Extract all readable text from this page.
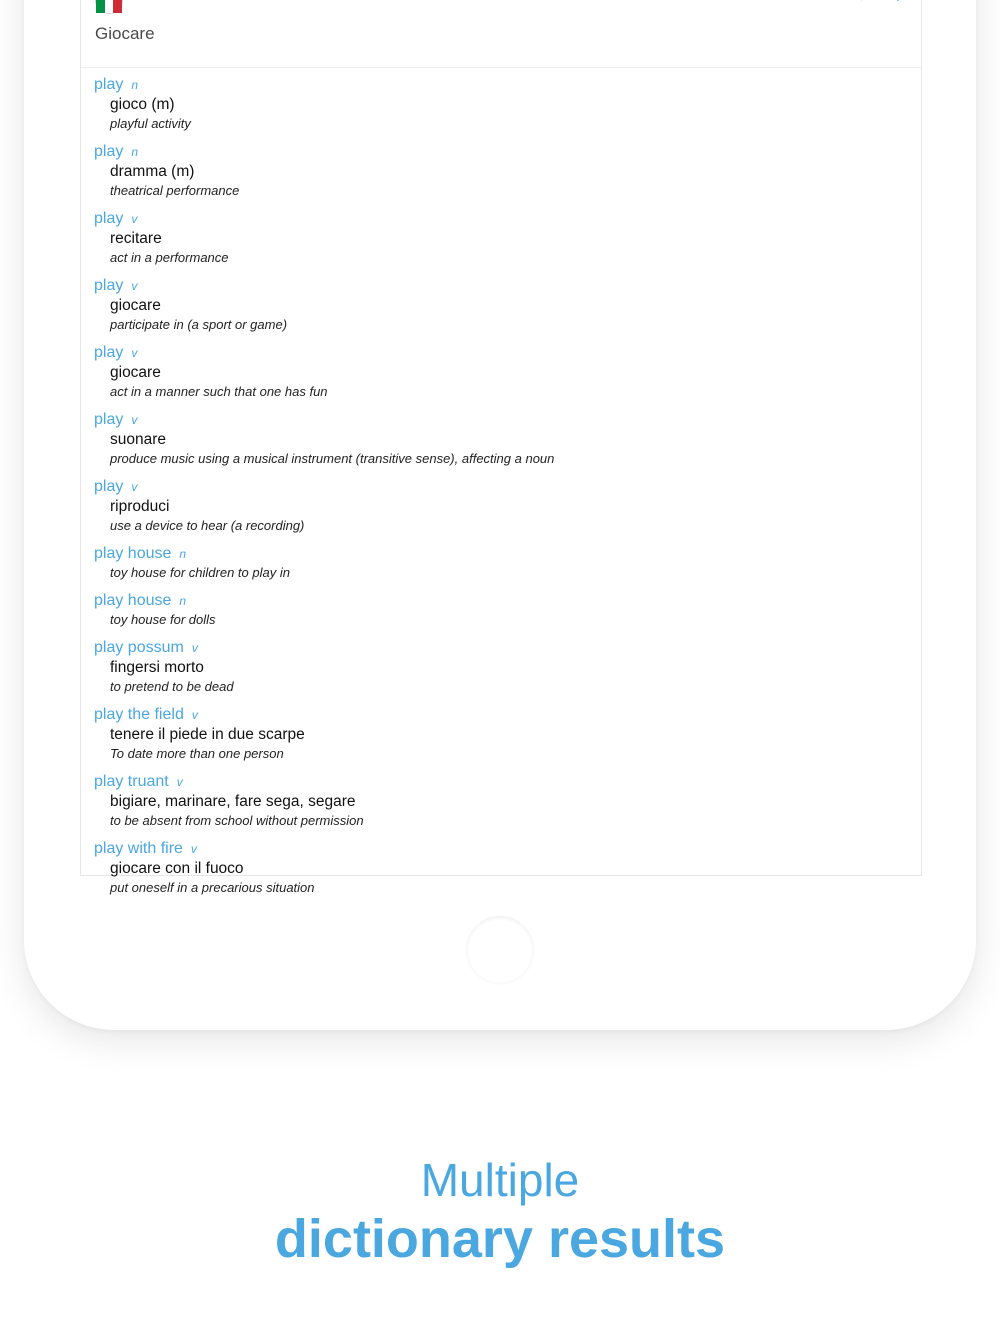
Giocare
play n
gioco (m)
playful activity
play n
dramma (m)
theatrical performance
play v
recitare
act in a performance
play v
giocare
participate in (a sport or game)
play v
giocare
act in a manner such that one has fun
play v
suonare
produce music using a musical instrument (transitive sense), affecting a noun
play v
riproduci
use a device to hear (a recording)
play house n
toy house for children to play in
play house n
toy house for dolls
play possum v
fingersi morto
to pretend to be dead
play the field v
tenere il piede in due scarpe
To date more than one person
play truant v
bigiare, marinare, fare sega, segare
to be absent from school without permission
play with fire v
giocare con il fuoco
put oneself in a precarious situation
Multiple
dictionary results
